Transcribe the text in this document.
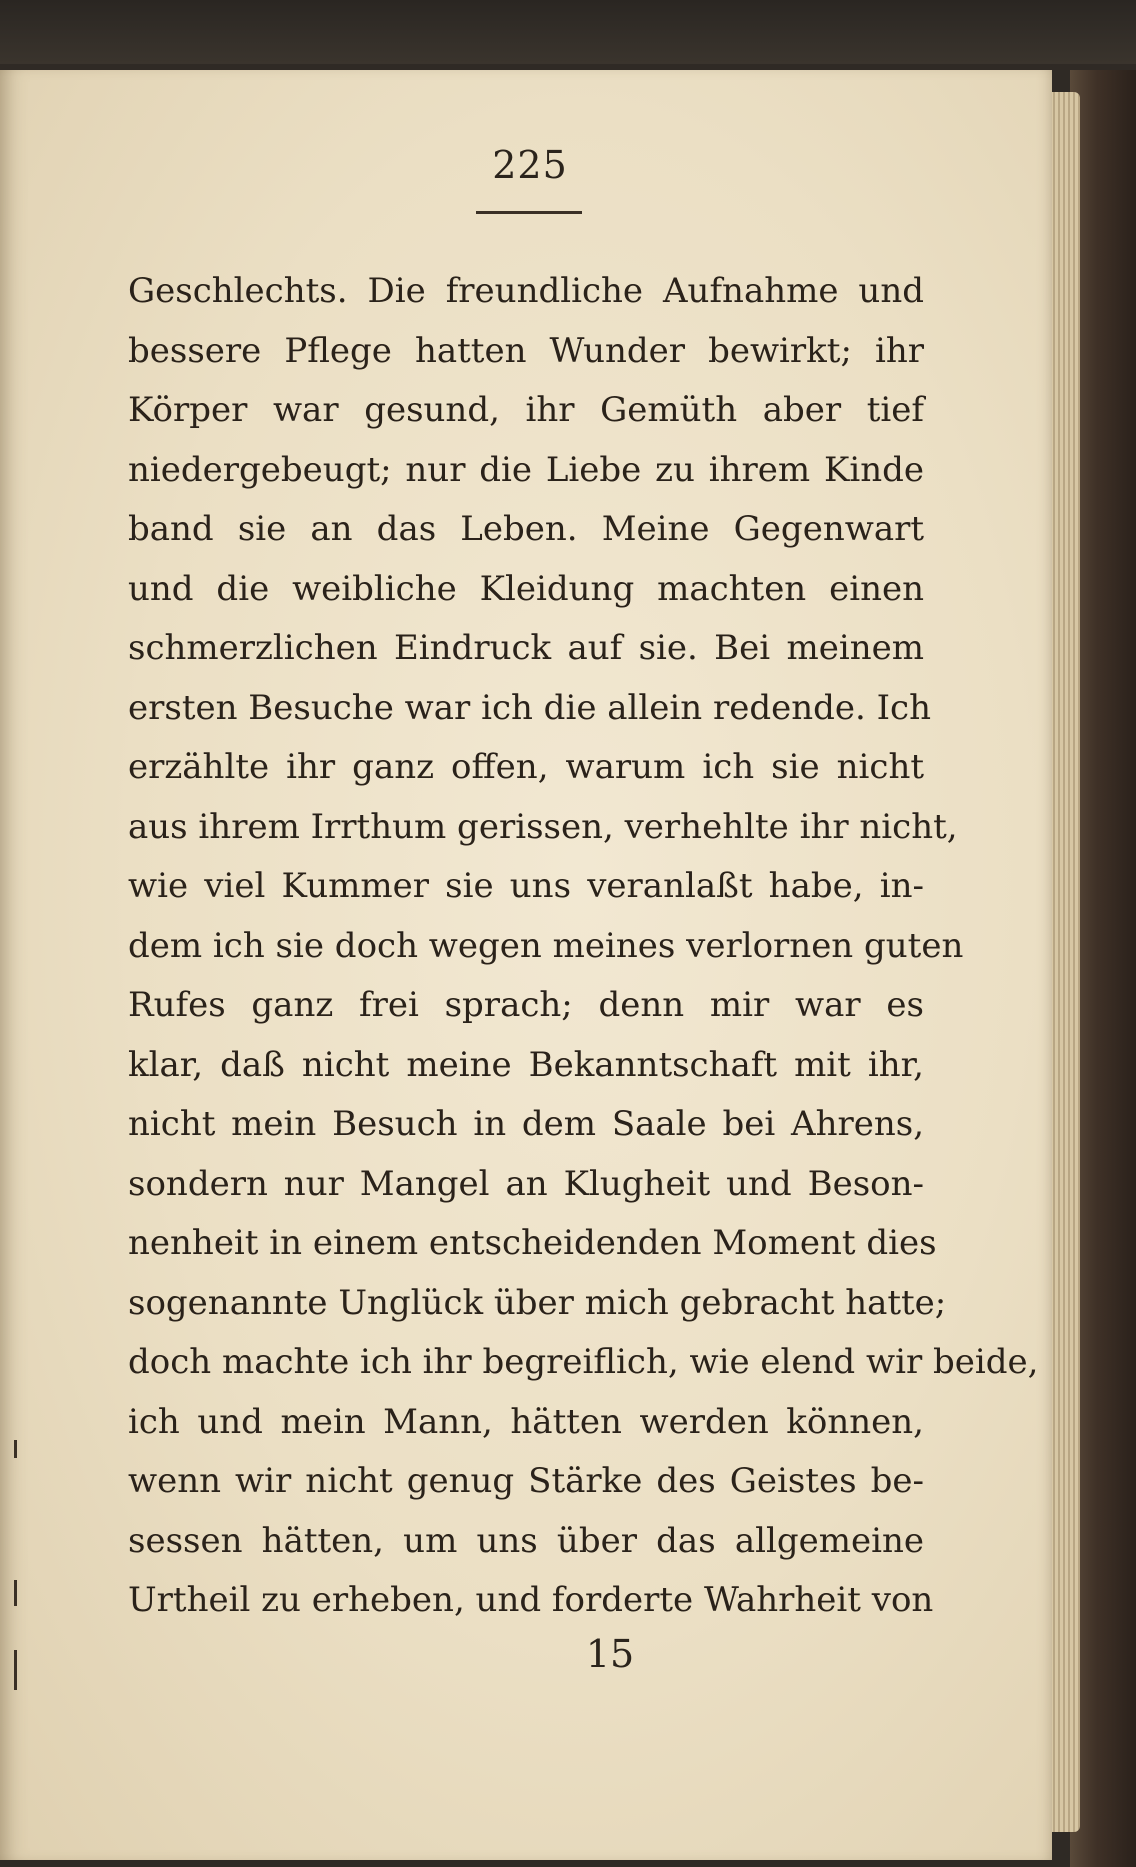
225
Geschlechts. Die freundliche Aufnahme und
bessere Pflege hatten Wunder bewirkt; ihr
Körper war gesund, ihr Gemüth aber tief
niedergebeugt; nur die Liebe zu ihrem Kinde
band sie an das Leben. Meine Gegenwart
und die weibliche Kleidung machten einen
schmerzlichen Eindruck auf sie. Bei meinem
ersten Besuche war ich die allein redende. Ich
erzählte ihr ganz offen, warum ich sie nicht
aus ihrem Irrthum gerissen, verhehlte ihr nicht,
wie viel Kummer sie uns veranlaßt habe, in-
dem ich sie doch wegen meines verlornen guten
Rufes ganz frei sprach; denn mir war es
klar, daß nicht meine Bekanntschaft mit ihr,
nicht mein Besuch in dem Saale bei Ahrens,
sondern nur Mangel an Klugheit und Beson-
nenheit in einem entscheidenden Moment dies
sogenannte Unglück über mich gebracht hatte;
doch machte ich ihr begreiflich, wie elend wir beide,
ich und mein Mann, hätten werden können,
wenn wir nicht genug Stärke des Geistes be-
sessen hätten, um uns über das allgemeine
Urtheil zu erheben, und forderte Wahrheit von
15
